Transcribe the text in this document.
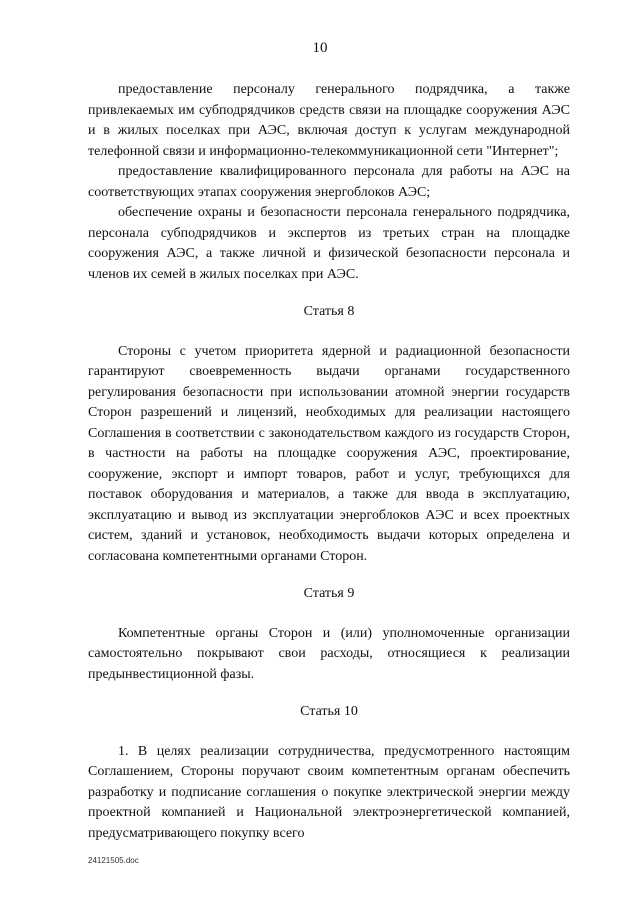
10

предоставление персоналу генерального подрядчика, а также привлекаемых им субподрядчиков средств связи на площадке сооружения АЭС и в жилых поселках при АЭС, включая доступ к услугам международной телефонной связи и информационно-телекоммуникационной сети "Интернет";

предоставление квалифицированного персонала для работы на АЭС на соответствующих этапах сооружения энергоблоков АЭС;

обеспечение охраны и безопасности персонала генерального подрядчика, персонала субподрядчиков и экспертов из третьих стран на площадке сооружения АЭС, а также личной и физической безопасности персонала и членов их семей в жилых поселках при АЭС.

Статья 8

Стороны с учетом приоритета ядерной и радиационной безопасности гарантируют своевременность выдачи органами государственного регулирования безопасности при использовании атомной энергии государств Сторон разрешений и лицензий, необходимых для реализации настоящего Соглашения в соответствии с законодательством каждого из государств Сторон, в частности на работы на площадке сооружения АЭС, проектирование, сооружение, экспорт и импорт товаров, работ и услуг, требующихся для поставок оборудования и материалов, а также для ввода в эксплуатацию, эксплуатацию и вывод из эксплуатации энергоблоков АЭС и всех проектных систем, зданий и установок, необходимость выдачи которых определена и согласована компетентными органами Сторон.

Статья 9

Компетентные органы Сторон и (или) уполномоченные организации самостоятельно покрывают свои расходы, относящиеся к реализации предынвестиционной фазы.

Статья 10

1. В целях реализации сотрудничества, предусмотренного настоящим Соглашением, Стороны поручают своим компетентным органам обеспечить разработку и подписание соглашения о покупке электрической энергии между проектной компанией и Национальной электроэнергетической компанией, предусматривающего покупку всего

24121505.doc
